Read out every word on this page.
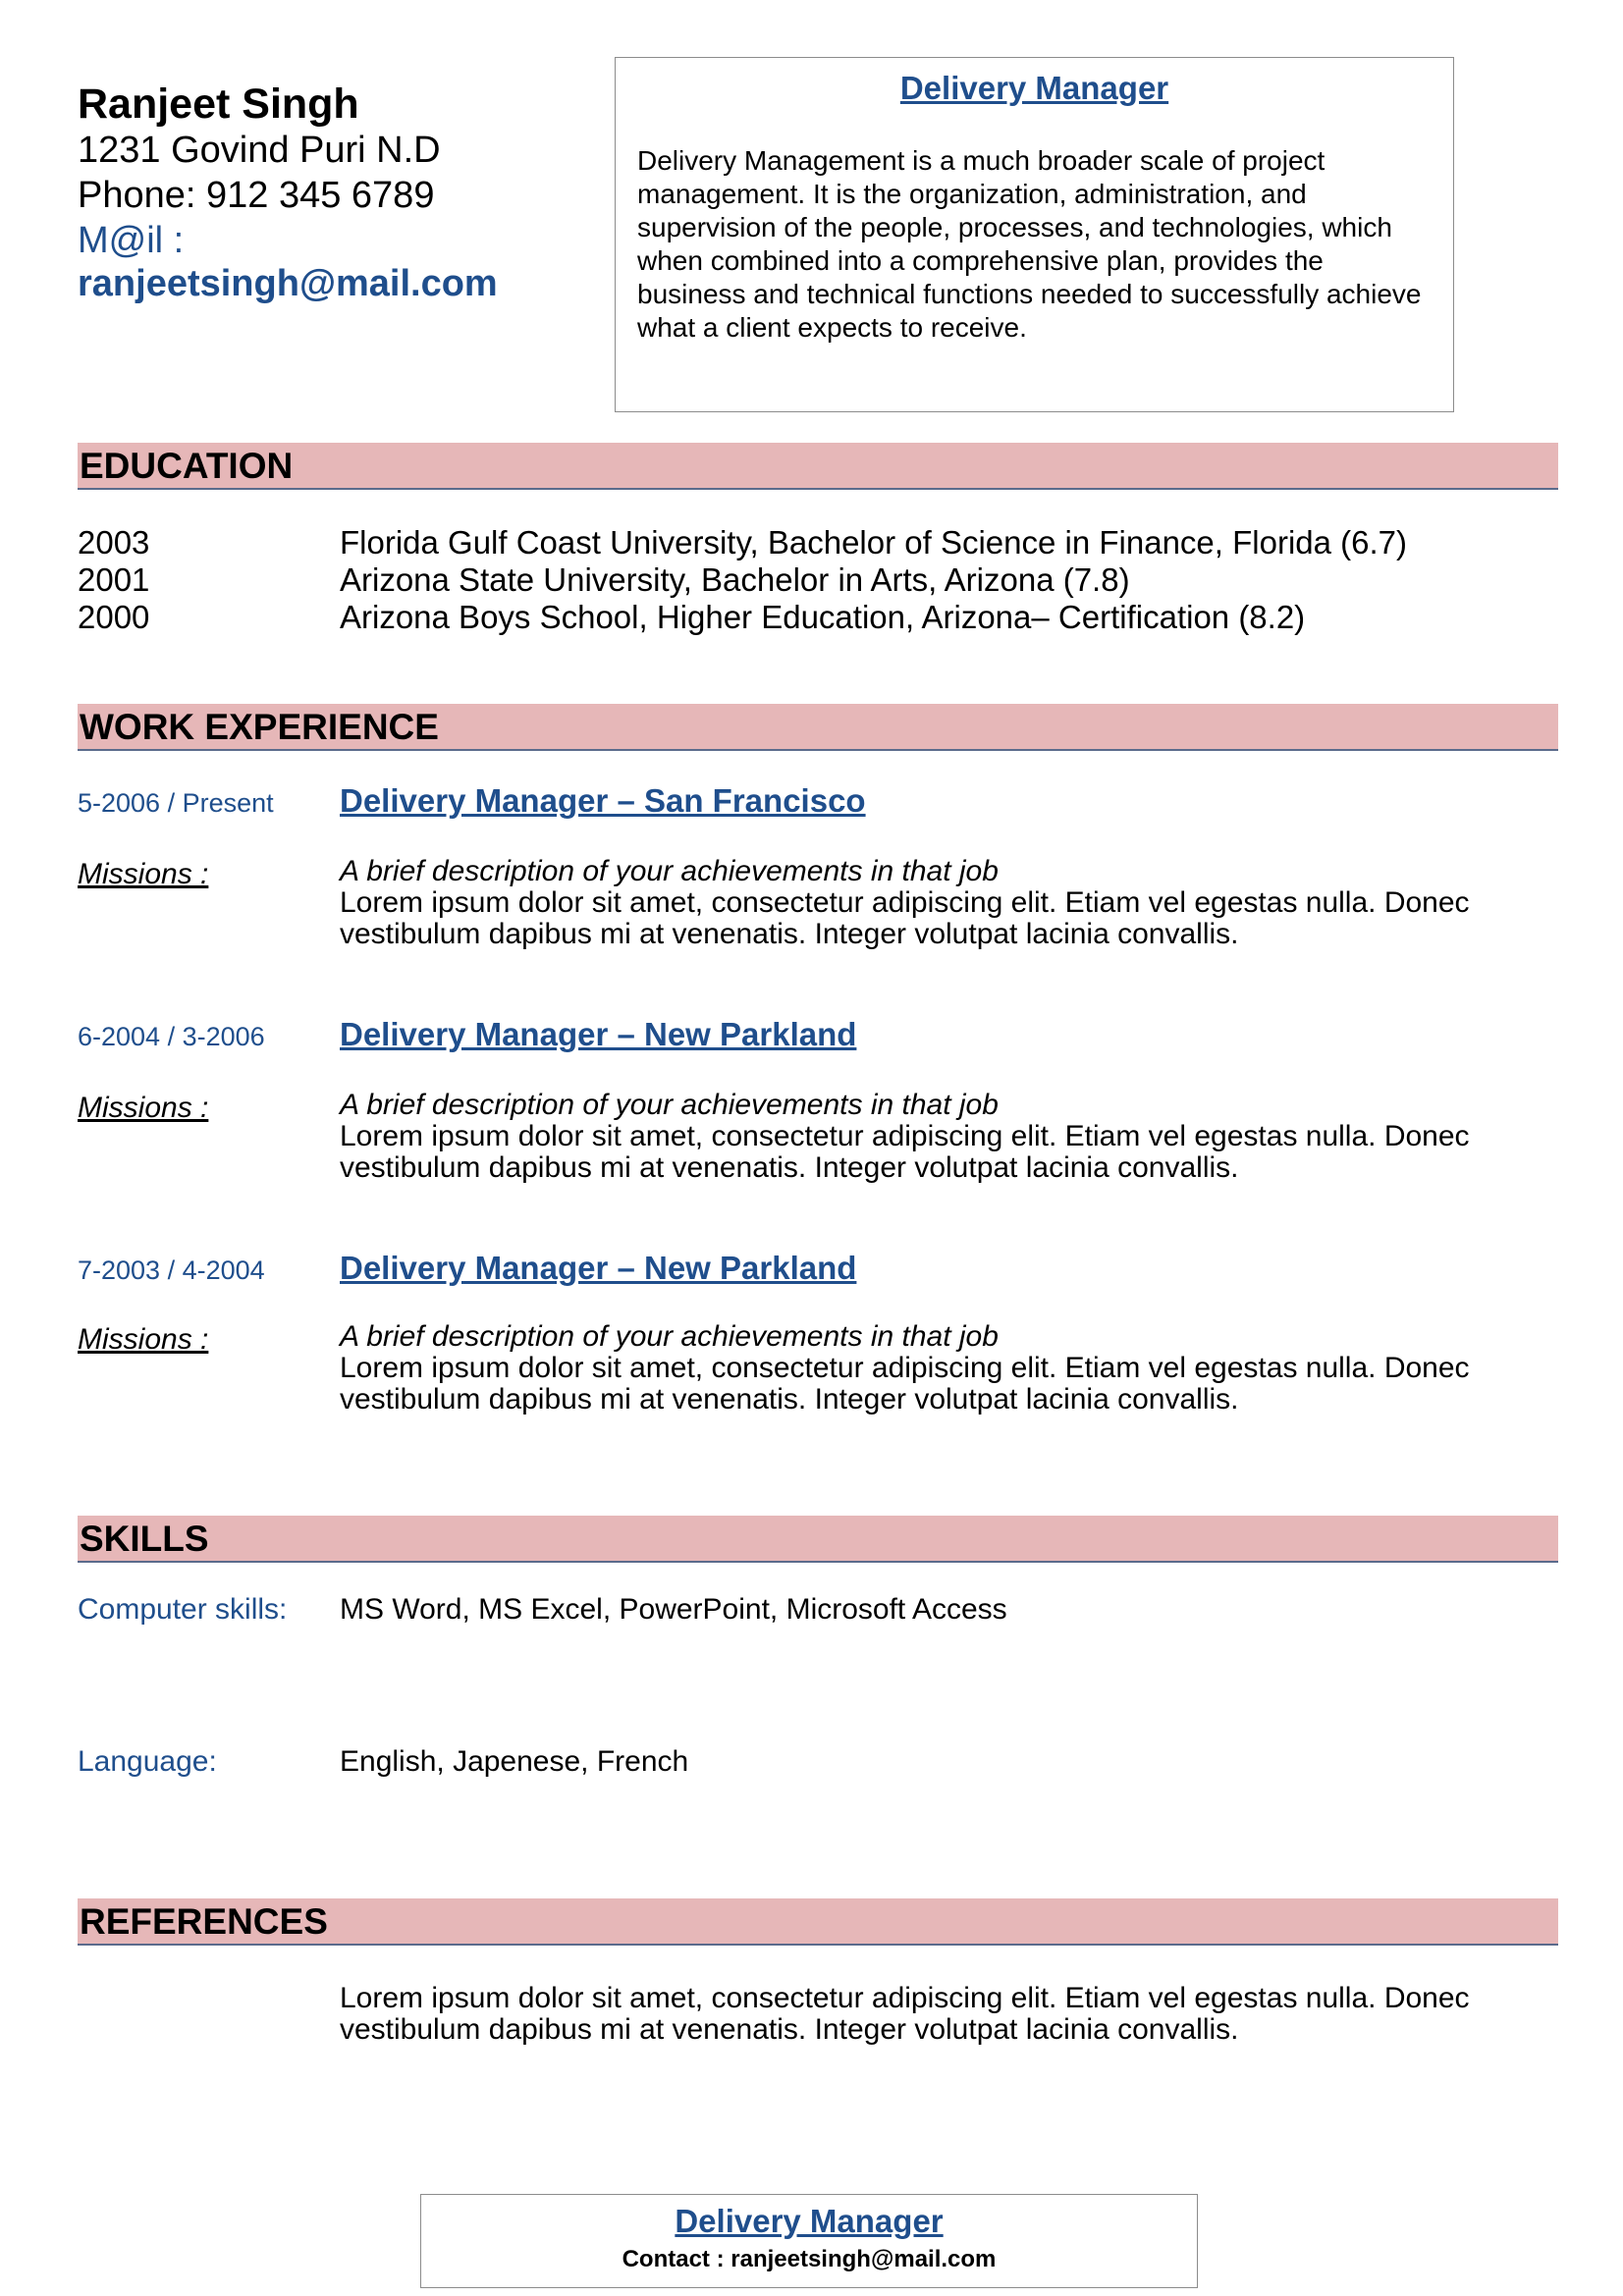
Ranjeet Singh
1231 Govind Puri N.D
Phone: 912 345 6789
M@il :
ranjeetsingh@mail.com
Delivery Manager
Delivery Management is a much broader scale of project management. It is the organization, administration, and supervision of the people, processes, and technologies, which when combined into a comprehensive plan, provides the business and technical functions needed to successfully achieve what a client expects to receive.
EDUCATION
2003	Florida Gulf Coast University, Bachelor of Science in Finance, Florida (6.7)
2001	Arizona State University, Bachelor in Arts, Arizona (7.8)
2000	Arizona Boys School, Higher Education, Arizona– Certification (8.2)
WORK EXPERIENCE
5-2006 / Present Delivery Manager – San Francisco
Missions :	A brief description of your achievements in that job
Lorem ipsum dolor sit amet, consectetur adipiscing elit. Etiam vel egestas nulla. Donec vestibulum dapibus mi at venenatis. Integer volutpat lacinia convallis.
6-2004 / 3-2006 Delivery Manager – New Parkland
Missions :	A brief description of your achievements in that job
Lorem ipsum dolor sit amet, consectetur adipiscing elit. Etiam vel egestas nulla. Donec vestibulum dapibus mi at venenatis. Integer volutpat lacinia convallis.
7-2003 / 4-2004 Delivery Manager – New Parkland
Missions :	A brief description of your achievements in that job
Lorem ipsum dolor sit amet, consectetur adipiscing elit. Etiam vel egestas nulla. Donec vestibulum dapibus mi at venenatis. Integer volutpat lacinia convallis.
SKILLS
Computer skills: MS Word, MS Excel, PowerPoint, Microsoft Access
Language:	English, Japenese, French
REFERENCES
Lorem ipsum dolor sit amet, consectetur adipiscing elit. Etiam vel egestas nulla. Donec vestibulum dapibus mi at venenatis. Integer volutpat lacinia convallis.
Delivery Manager
Contact : ranjeetsingh@mail.com
